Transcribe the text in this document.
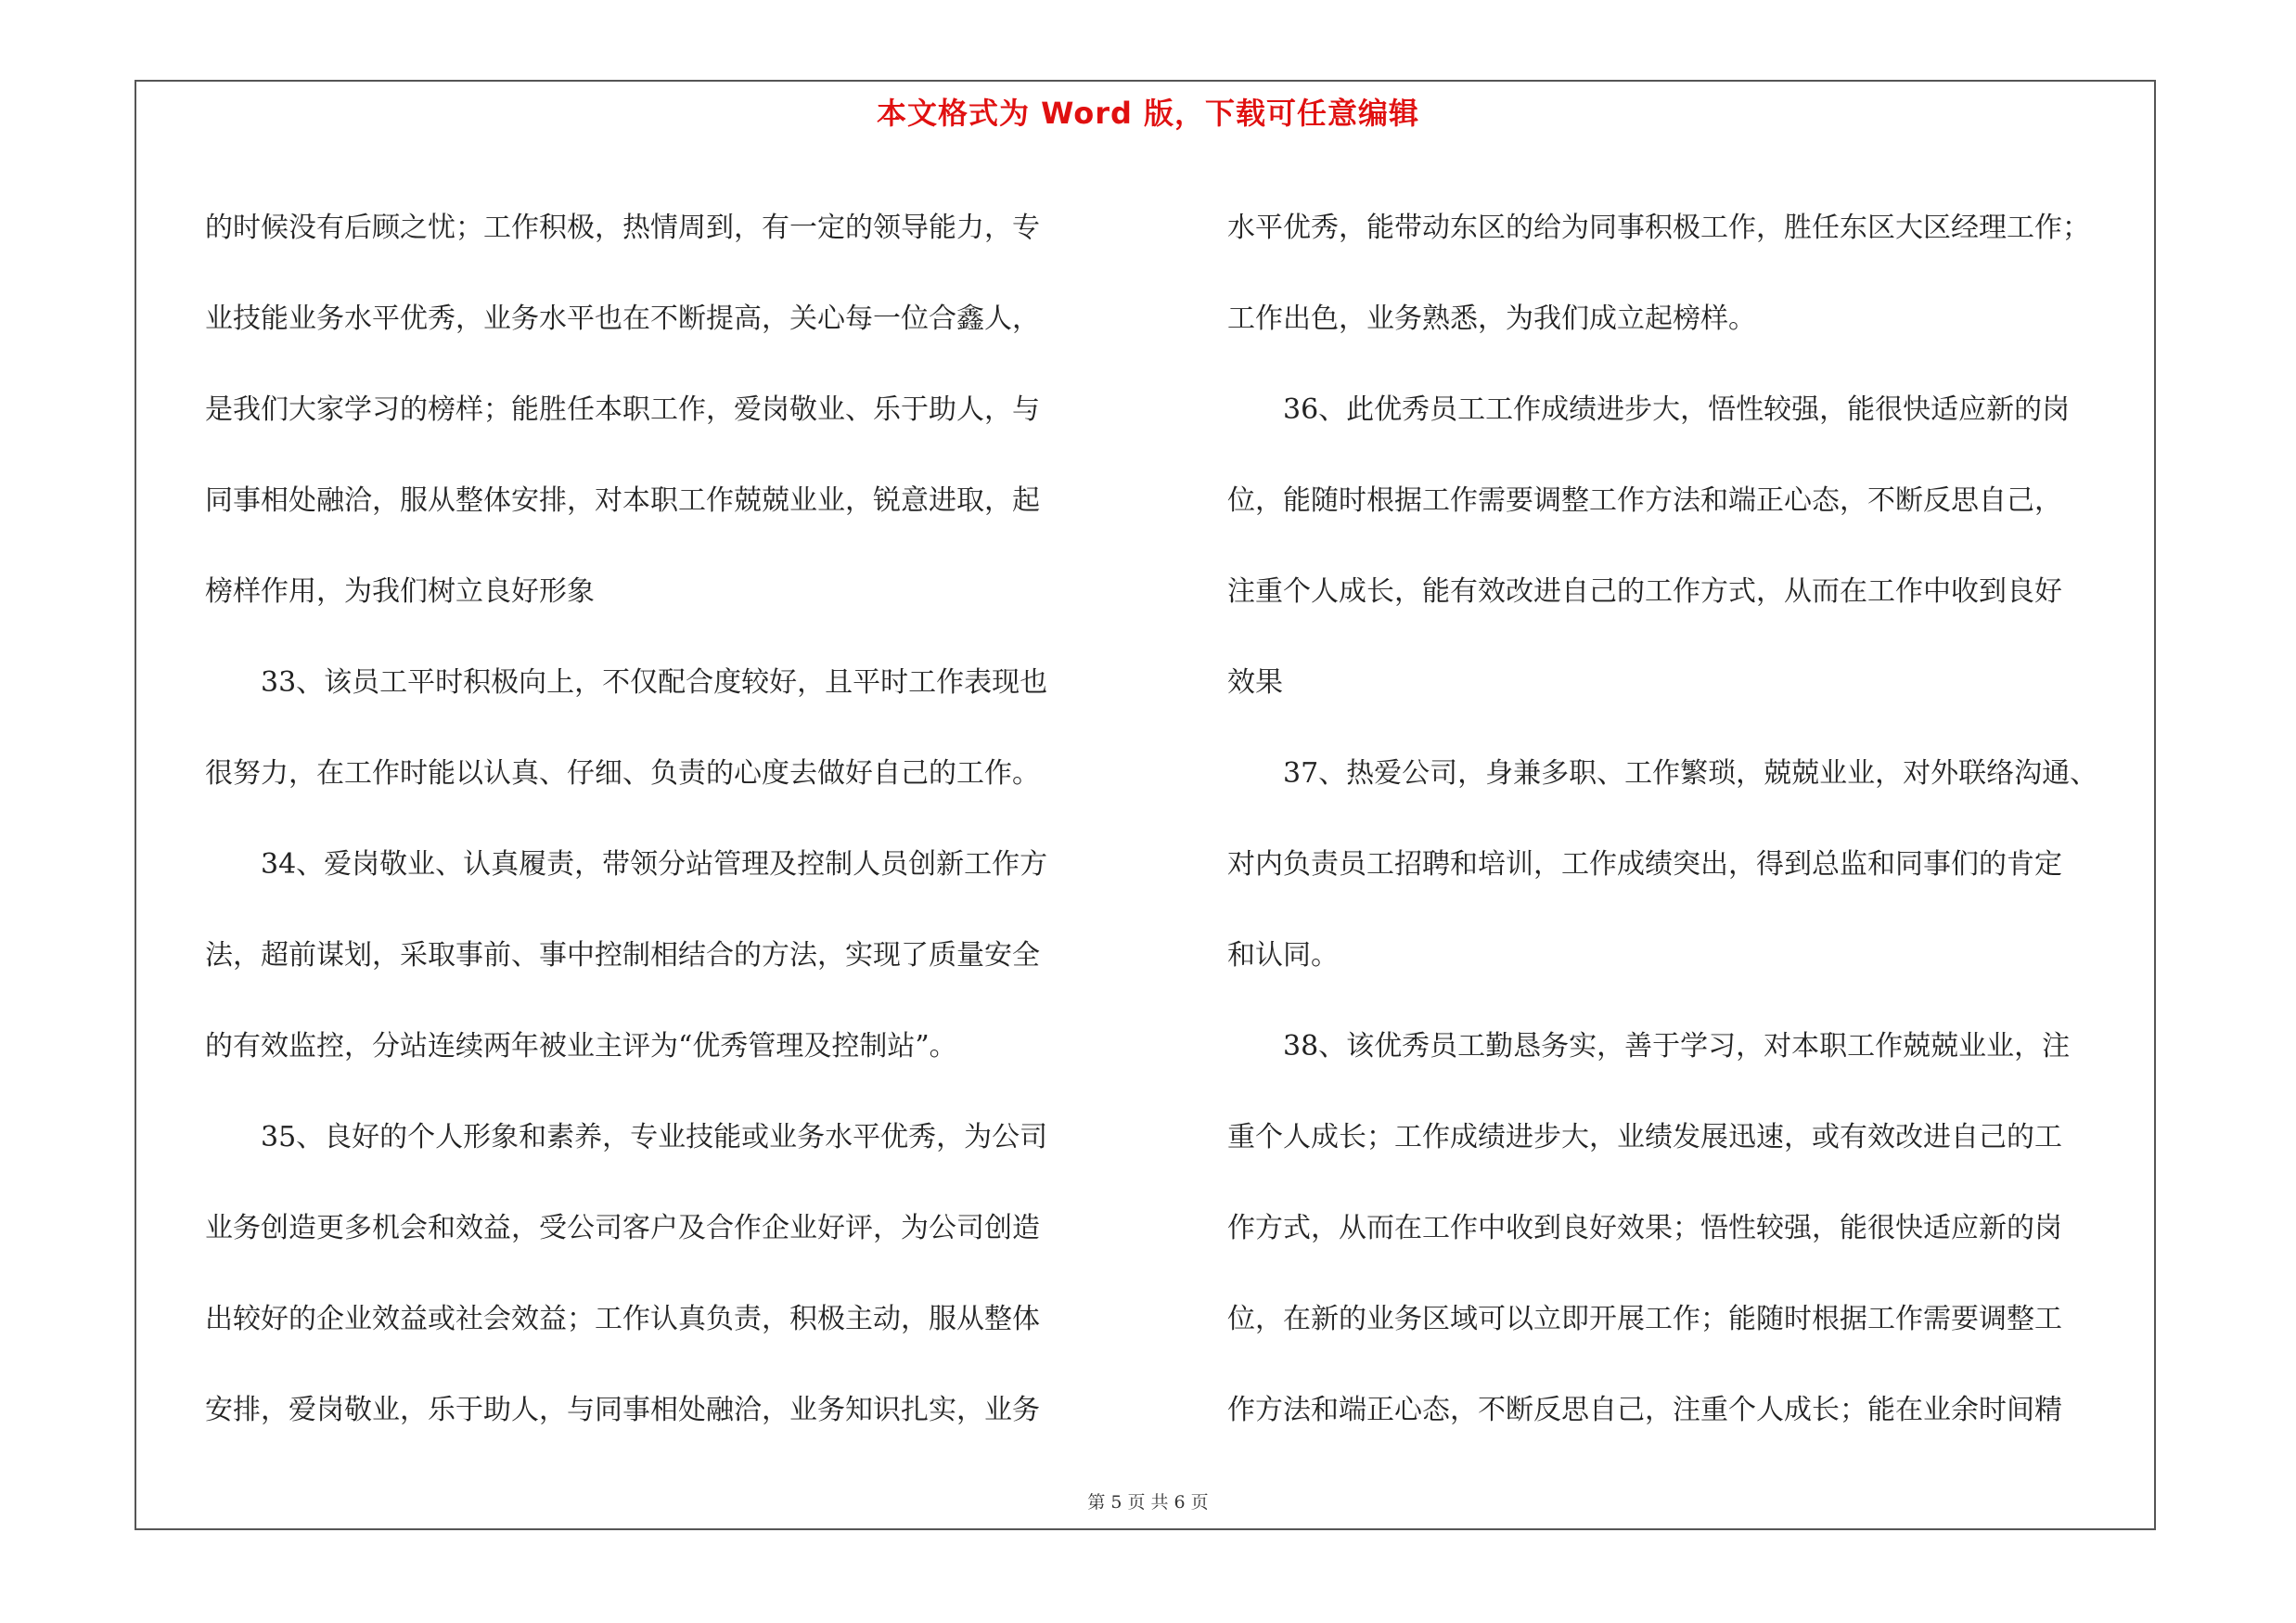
本文格式为 Word 版，下载可任意编辑
的时候没有后顾之忧；工作积极，热情周到，有一定的领导能力，专
业技能业务水平优秀，业务水平也在不断提高，关心每一位合鑫人，
是我们大家学习的榜样；能胜任本职工作，爱岗敬业、乐于助人，与
同事相处融洽，服从整体安排，对本职工作兢兢业业，锐意进取，起
榜样作用，为我们树立良好形象
33、该员工平时积极向上，不仅配合度较好，且平时工作表现也
很努力，在工作时能以认真、仔细、负责的心度去做好自己的工作。
34、爱岗敬业、认真履责，带领分站管理及控制人员创新工作方
法，超前谋划，采取事前、事中控制相结合的方法，实现了质量安全
的有效监控，分站连续两年被业主评为“优秀管理及控制站”。
35、良好的个人形象和素养，专业技能或业务水平优秀，为公司
业务创造更多机会和效益，受公司客户及合作企业好评，为公司创造
出较好的企业效益或社会效益；工作认真负责，积极主动，服从整体
安排，爱岗敬业，乐于助人，与同事相处融洽，业务知识扎实，业务
水平优秀，能带动东区的给为同事积极工作，胜任东区大区经理工作；
工作出色，业务熟悉，为我们成立起榜样。
36、此优秀员工工作成绩进步大，悟性较强，能很快适应新的岗
位，能随时根据工作需要调整工作方法和端正心态，不断反思自己，
注重个人成长，能有效改进自己的工作方式，从而在工作中收到良好
效果
37、热爱公司，身兼多职、工作繁琐，兢兢业业，对外联络沟通、
对内负责员工招聘和培训，工作成绩突出，得到总监和同事们的肯定
和认同。
38、该优秀员工勤恳务实，善于学习，对本职工作兢兢业业，注
重个人成长；工作成绩进步大，业绩发展迅速，或有效改进自己的工
作方式，从而在工作中收到良好效果；悟性较强，能很快适应新的岗
位，在新的业务区域可以立即开展工作；能随时根据工作需要调整工
作方法和端正心态，不断反思自己，注重个人成长；能在业余时间精
第 5 页 共 6 页
